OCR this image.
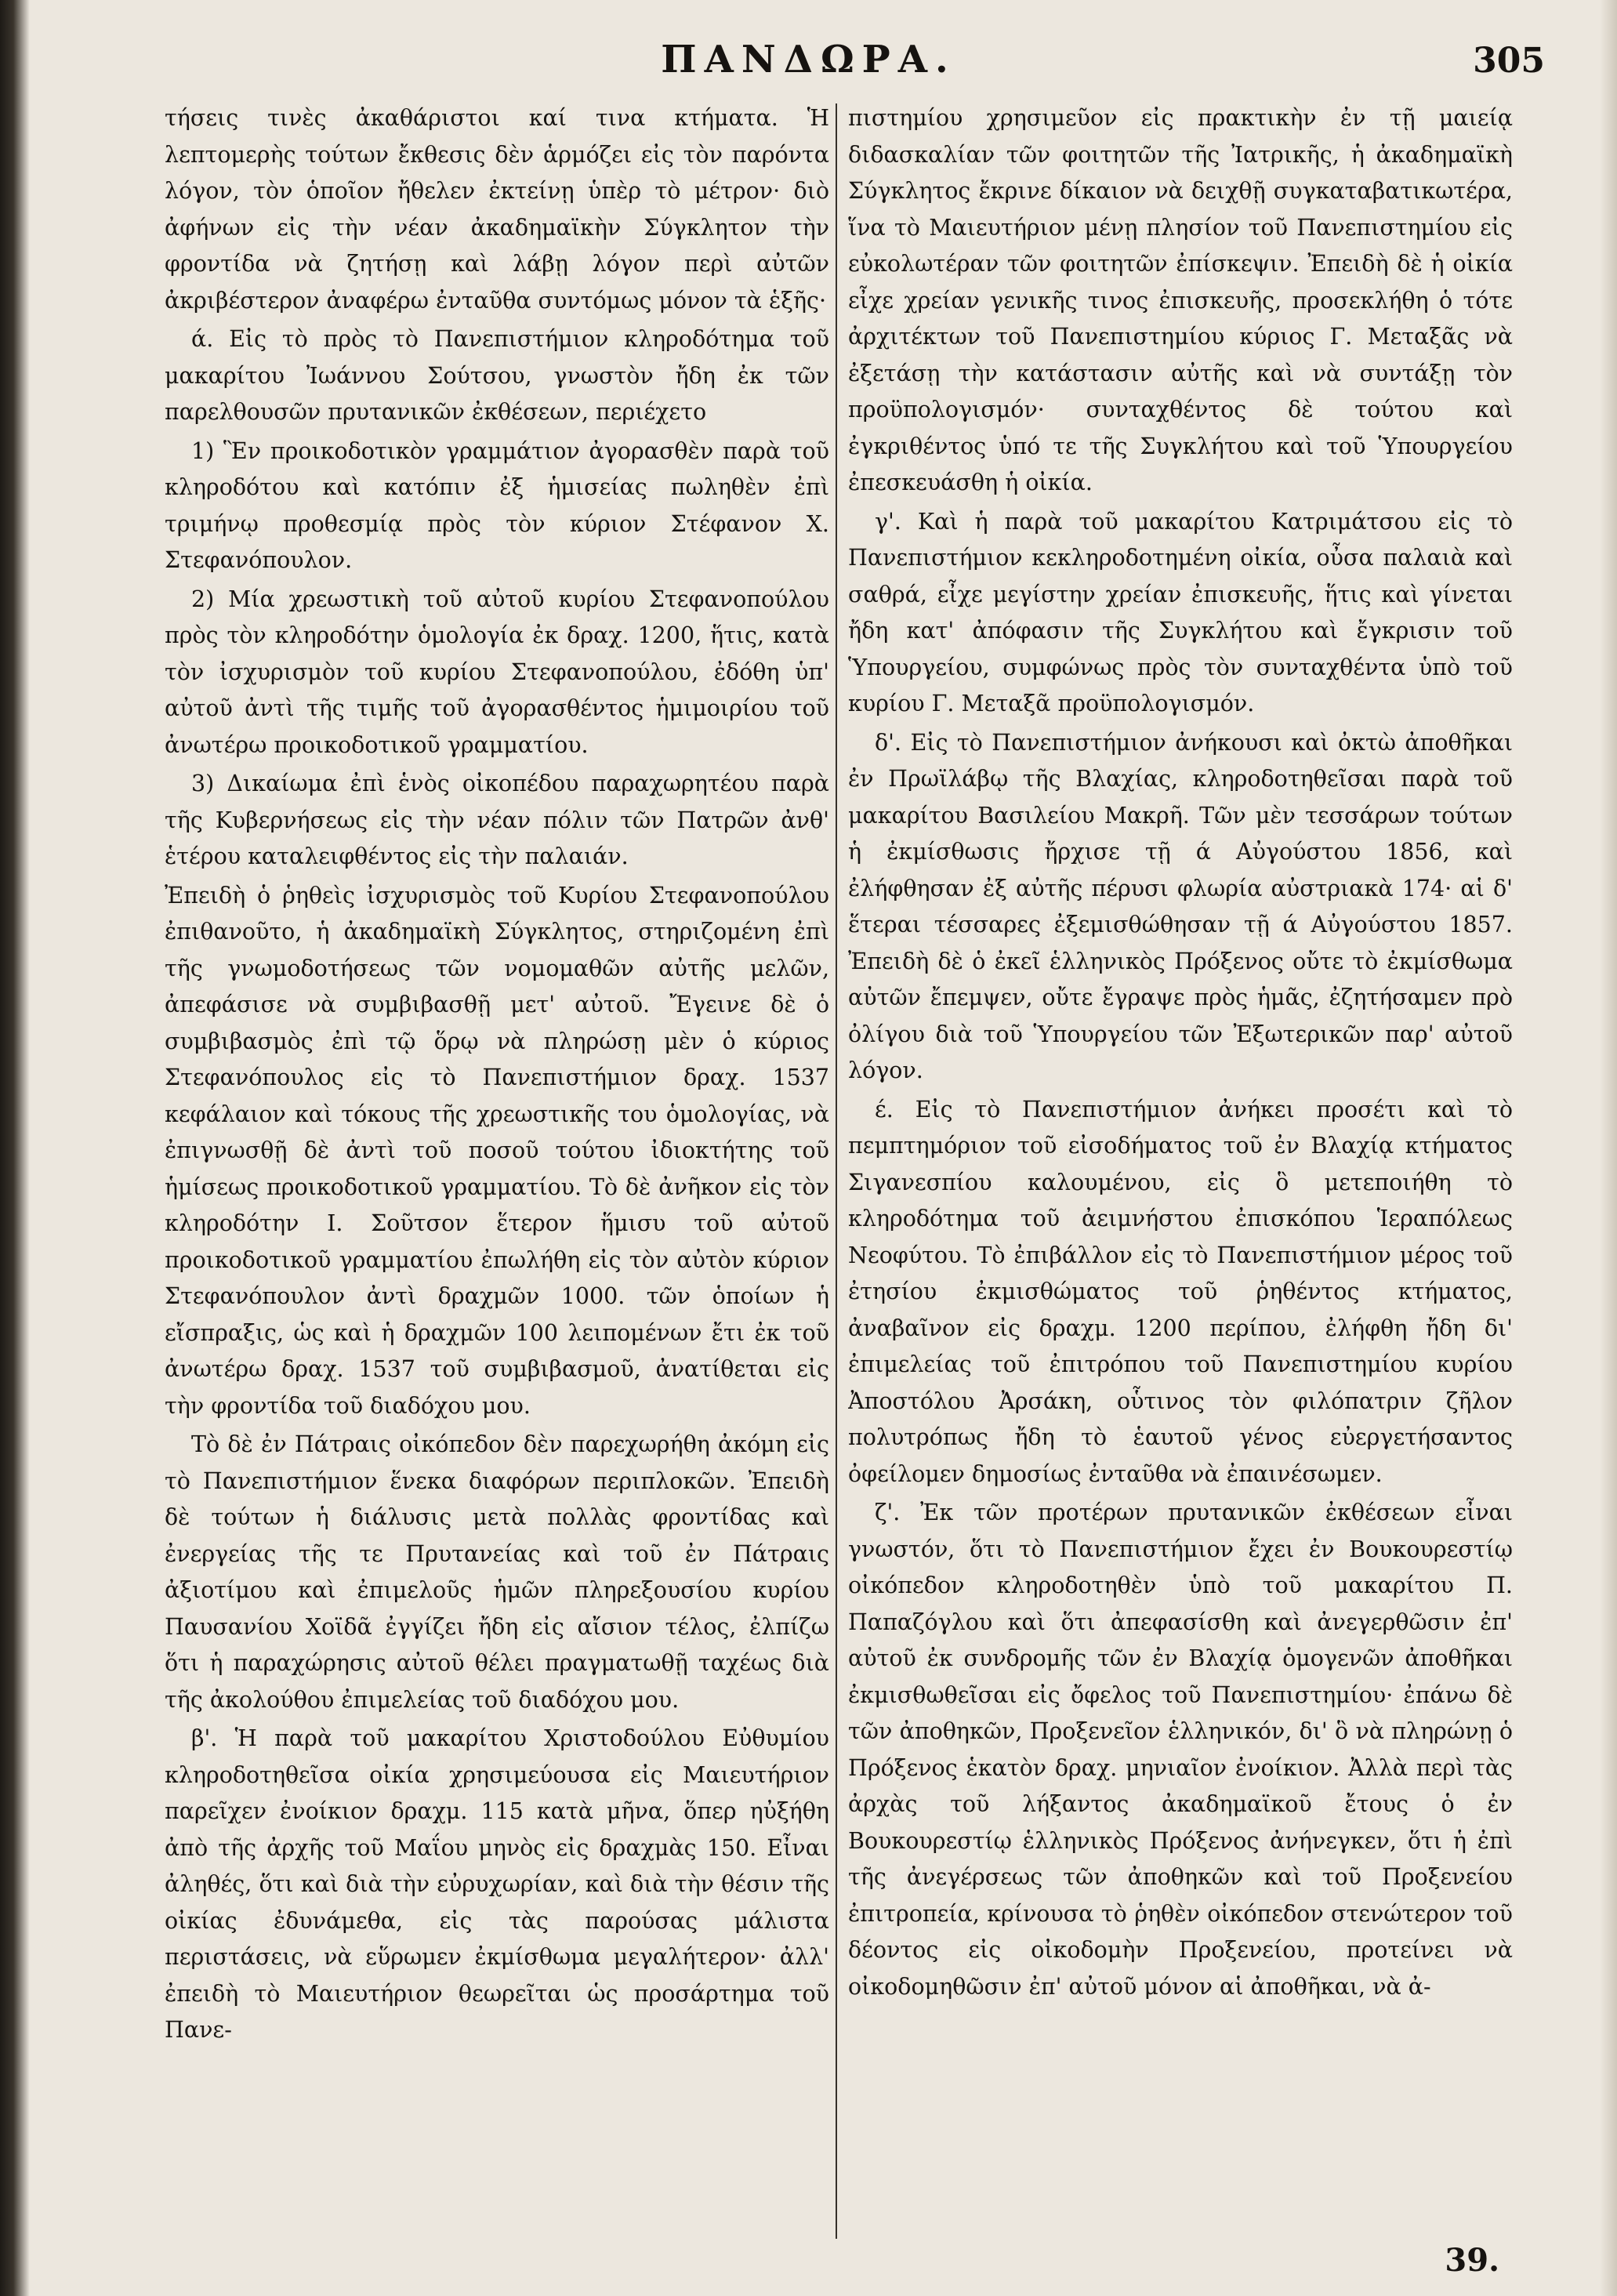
ΠΑΝΔΩΡΑ.	305

τήσεις τινὲς ἀκαθάριστοι καί τινα κτήματα. Ἡ λεπτομερὴς τούτων ἔκθεσις δὲν ἁρμόζει εἰς τὸν παρόντα λόγον, τὸν ὁποῖον ἤθελεν ἐκτείνῃ ὑπὲρ τὸ μέτρον· διὸ ἀφήνων εἰς τὴν νέαν ἀκαδημαϊκὴν Σύγκλητον τὴν φροντίδα νὰ ζητήσῃ καὶ λάβῃ λόγον περὶ αὐτῶν ἀκριβέστερον ἀναφέρω ἐνταῦθα συντόμως μόνον τὰ ἑξῆς·

ά. Εἰς τὸ πρὸς τὸ Πανεπιστήμιον κληροδότημα τοῦ μακαρίτου Ἰωάννου Σούτσου, γνωστὸν ἤδη ἐκ τῶν παρελθουσῶν πρυτανικῶν ἐκθέσεων, περιέχετο

1) Ἓν προικοδοτικὸν γραμμάτιον ἀγορασθὲν παρὰ τοῦ κληροδότου καὶ κατόπιν ἐξ ἡμισείας πωληθὲν ἐπὶ τριμήνῳ προθεσμίᾳ πρὸς τὸν κύριον Στέφανον Χ. Στεφανόπουλον.

2) Μία χρεωστικὴ τοῦ αὐτοῦ κυρίου Στεφανοπούλου πρὸς τὸν κληροδότην ὁμολογία ἐκ δραχ. 1200, ἥτις, κατὰ τὸν ἰσχυρισμὸν τοῦ κυρίου Στεφανοπούλου, ἐδόθη ὑπ' αὐτοῦ ἀντὶ τῆς τιμῆς τοῦ ἀγορασθέντος ἡμιμοιρίου τοῦ ἀνωτέρω προικοδοτικοῦ γραμματίου.

3) Δικαίωμα ἐπὶ ἑνὸς οἰκοπέδου παραχωρητέου παρὰ τῆς Κυβερνήσεως εἰς τὴν νέαν πόλιν τῶν Πατρῶν ἀνθ' ἑτέρου καταλειφθέντος εἰς τὴν παλαιάν.

Ἐπειδὴ ὁ ῥηθεὶς ἰσχυρισμὸς τοῦ Κυρίου Στεφανοπούλου ἐπιθανοῦτο, ἡ ἀκαδημαϊκὴ Σύγκλητος, στηριζομένη ἐπὶ τῆς γνωμοδοτήσεως τῶν νομομαθῶν αὐτῆς μελῶν, ἀπεφάσισε νὰ συμβιβασθῇ μετ' αὐτοῦ. Ἔγεινε δὲ ὁ συμβιβασμὸς ἐπὶ τῷ ὅρῳ νὰ πληρώσῃ μὲν ὁ κύριος Στεφανόπουλος εἰς τὸ Πανεπιστήμιον δραχ. 1537 κεφάλαιον καὶ τόκους τῆς χρεωστικῆς του ὁμολογίας, νὰ ἐπιγνωσθῇ δὲ ἀντὶ τοῦ ποσοῦ τούτου ἰδιοκτήτης τοῦ ἡμίσεως προικοδοτικοῦ γραμματίου. Τὸ δὲ ἀνῆκον εἰς τὸν κληροδότην Ι. Σοῦτσον ἕτερον ἥμισυ τοῦ αὐτοῦ προικοδοτικοῦ γραμματίου ἐπωλήθη εἰς τὸν αὐτὸν κύριον Στεφανόπουλον ἀντὶ δραχμῶν 1000. τῶν ὁποίων ἡ εἴσπραξις, ὡς καὶ ἡ δραχμῶν 100 λειπομένων ἔτι ἐκ τοῦ ἀνωτέρω δραχ. 1537 τοῦ συμβιβασμοῦ, ἀνατίθεται εἰς τὴν φροντίδα τοῦ διαδόχου μου.

Τὸ δὲ ἐν Πάτραις οἰκόπεδον δὲν παρεχωρήθη ἀκόμη εἰς τὸ Πανεπιστήμιον ἕνεκα διαφόρων περιπλοκῶν. Ἐπειδὴ δὲ τούτων ἡ διάλυσις μετὰ πολλὰς φροντίδας καὶ ἐνεργείας τῆς τε Πρυτανείας καὶ τοῦ ἐν Πάτραις ἀξιοτίμου καὶ ἐπιμελοῦς ἡμῶν πληρεξουσίου κυρίου Παυσανίου Χοϊδᾶ ἐγγίζει ἤδη εἰς αἴσιον τέλος, ἐλπίζω ὅτι ἡ παραχώρησις αὐτοῦ θέλει πραγματωθῇ ταχέως διὰ τῆς ἀκολούθου ἐπιμελείας τοῦ διαδόχου μου.

β'. Ἡ παρὰ τοῦ μακαρίτου Χριστοδούλου Εὐθυμίου κληροδοτηθεῖσα οἰκία χρησιμεύουσα εἰς Μαιευτήριον παρεῖχεν ἐνοίκιον δραχμ. 115 κατὰ μῆνα, ὅπερ ηὐξήθη ἀπὸ τῆς ἀρχῆς τοῦ Μαΐου μηνὸς εἰς δραχμὰς 150. Εἶναι ἀληθές, ὅτι καὶ διὰ τὴν εὐρυχωρίαν, καὶ διὰ τὴν θέσιν τῆς οἰκίας ἐδυνάμεθα, εἰς τὰς παρούσας μάλιστα περιστάσεις, νὰ εὕρωμεν ἐκμίσθωμα μεγαλήτερον· ἀλλ' ἐπειδὴ τὸ Μαιευτήριον θεωρεῖται ὡς προσάρτημα τοῦ Πανε-

πιστημίου χρησιμεῦον εἰς πρακτικὴν ἐν τῇ μαιείᾳ διδασκαλίαν τῶν φοιτητῶν τῆς Ἰατρικῆς, ἡ ἀκαδημαϊκὴ Σύγκλητος ἔκρινε δίκαιον νὰ δειχθῇ συγκαταβατικωτέρα, ἵνα τὸ Μαιευτήριον μένῃ πλησίον τοῦ Πανεπιστημίου εἰς εὐκολωτέραν τῶν φοιτητῶν ἐπίσκεψιν. Ἐπειδὴ δὲ ἡ οἰκία εἶχε χρείαν γενικῆς τινος ἐπισκευῆς, προσεκλήθη ὁ τότε ἀρχιτέκτων τοῦ Πανεπιστημίου κύριος Γ. Μεταξᾶς νὰ ἐξετάσῃ τὴν κατάστασιν αὐτῆς καὶ νὰ συντάξῃ τὸν προϋπολογισμόν· συνταχθέντος δὲ τούτου καὶ ἐγκριθέντος ὑπό τε τῆς Συγκλήτου καὶ τοῦ Ὑπουργείου ἐπεσκευάσθη ἡ οἰκία.

γ'. Καὶ ἡ παρὰ τοῦ μακαρίτου Κατριμάτσου εἰς τὸ Πανεπιστήμιον κεκληροδοτημένη οἰκία, οὖσα παλαιὰ καὶ σαθρά, εἶχε μεγίστην χρείαν ἐπισκευῆς, ἥτις καὶ γίνεται ἤδη κατ' ἀπόφασιν τῆς Συγκλήτου καὶ ἔγκρισιν τοῦ Ὑπουργείου, συμφώνως πρὸς τὸν συνταχθέντα ὑπὸ τοῦ κυρίου Γ. Μεταξᾶ προϋπολογισμόν.

δ'. Εἰς τὸ Πανεπιστήμιον ἀνήκουσι καὶ ὀκτὼ ἀποθῆκαι ἐν Πρωϊλάβῳ τῆς Βλαχίας, κληροδοτηθεῖσαι παρὰ τοῦ μακαρίτου Βασιλείου Μακρῆ. Τῶν μὲν τεσσάρων τούτων ἡ ἐκμίσθωσις ἤρχισε τῇ ά Αὐγούστου 1856, καὶ ἐλήφθησαν ἐξ αὐτῆς πέρυσι φλωρία αὐστριακὰ 174· αἱ δ' ἕτεραι τέσσαρες ἐξεμισθώθησαν τῇ ά Αὐγούστου 1857. Ἐπειδὴ δὲ ὁ ἐκεῖ ἑλληνικὸς Πρόξενος οὔτε τὸ ἐκμίσθωμα αὐτῶν ἔπεμψεν, οὔτε ἔγραψε πρὸς ἡμᾶς, ἐζητήσαμεν πρὸ ὀλίγου διὰ τοῦ Ὑπουργείου τῶν Ἐξωτερικῶν παρ' αὐτοῦ λόγον.

έ. Εἰς τὸ Πανεπιστήμιον ἀνήκει προσέτι καὶ τὸ πεμπτημόριον τοῦ εἰσοδήματος τοῦ ἐν Βλαχίᾳ κτήματος Σιγανεσπίου καλουμένου, εἰς ὃ μετεποιήθη τὸ κληροδότημα τοῦ ἀειμνήστου ἐπισκόπου Ἱεραπόλεως Νεοφύτου. Τὸ ἐπιβάλλον εἰς τὸ Πανεπιστήμιον μέρος τοῦ ἐτησίου ἐκμισθώματος τοῦ ῥηθέντος κτήματος, ἀναβαῖνον εἰς δραχμ. 1200 περίπου, ἐλήφθη ἤδη δι' ἐπιμελείας τοῦ ἐπιτρόπου τοῦ Πανεπιστημίου κυρίου Ἀποστόλου Ἀρσάκη, οὗτινος τὸν φιλόπατριν ζῆλον πολυτρόπως ἤδη τὸ ἑαυτοῦ γένος εὐεργετήσαντος ὀφείλομεν δημοσίως ἐνταῦθα νὰ ἐπαινέσωμεν.

ζ'. Ἐκ τῶν προτέρων πρυτανικῶν ἐκθέσεων εἶναι γνωστόν, ὅτι τὸ Πανεπιστήμιον ἔχει ἐν Βουκουρεστίῳ οἰκόπεδον κληροδοτηθὲν ὑπὸ τοῦ μακαρίτου Π. Παπαζόγλου καὶ ὅτι ἀπεφασίσθη καὶ ἀνεγερθῶσιν ἐπ' αὐτοῦ ἐκ συνδρομῆς τῶν ἐν Βλαχίᾳ ὁμογενῶν ἀποθῆκαι ἐκμισθωθεῖσαι εἰς ὄφελος τοῦ Πανεπιστημίου· ἐπάνω δὲ τῶν ἀποθηκῶν, Προξενεῖον ἑλληνικόν, δι' ὃ νὰ πληρώνῃ ὁ Πρόξενος ἑκατὸν δραχ. μηνιαῖον ἐνοίκιον. Ἀλλὰ περὶ τὰς ἀρχὰς τοῦ λήξαντος ἀκαδημαϊκοῦ ἔτους ὁ ἐν Βουκουρεστίῳ ἑλληνικὸς Πρόξενος ἀνήνεγκεν, ὅτι ἡ ἐπὶ τῆς ἀνεγέρσεως τῶν ἀποθηκῶν καὶ τοῦ Προξενείου ἐπιτροπεία, κρίνουσα τὸ ῥηθὲν οἰκόπεδον στενώτερον τοῦ δέοντος εἰς οἰκοδομὴν Προξενείου, προτείνει νὰ οἰκοδομηθῶσιν ἐπ' αὐτοῦ μόνον αἱ ἀποθῆκαι, νὰ ἀ-

39.
